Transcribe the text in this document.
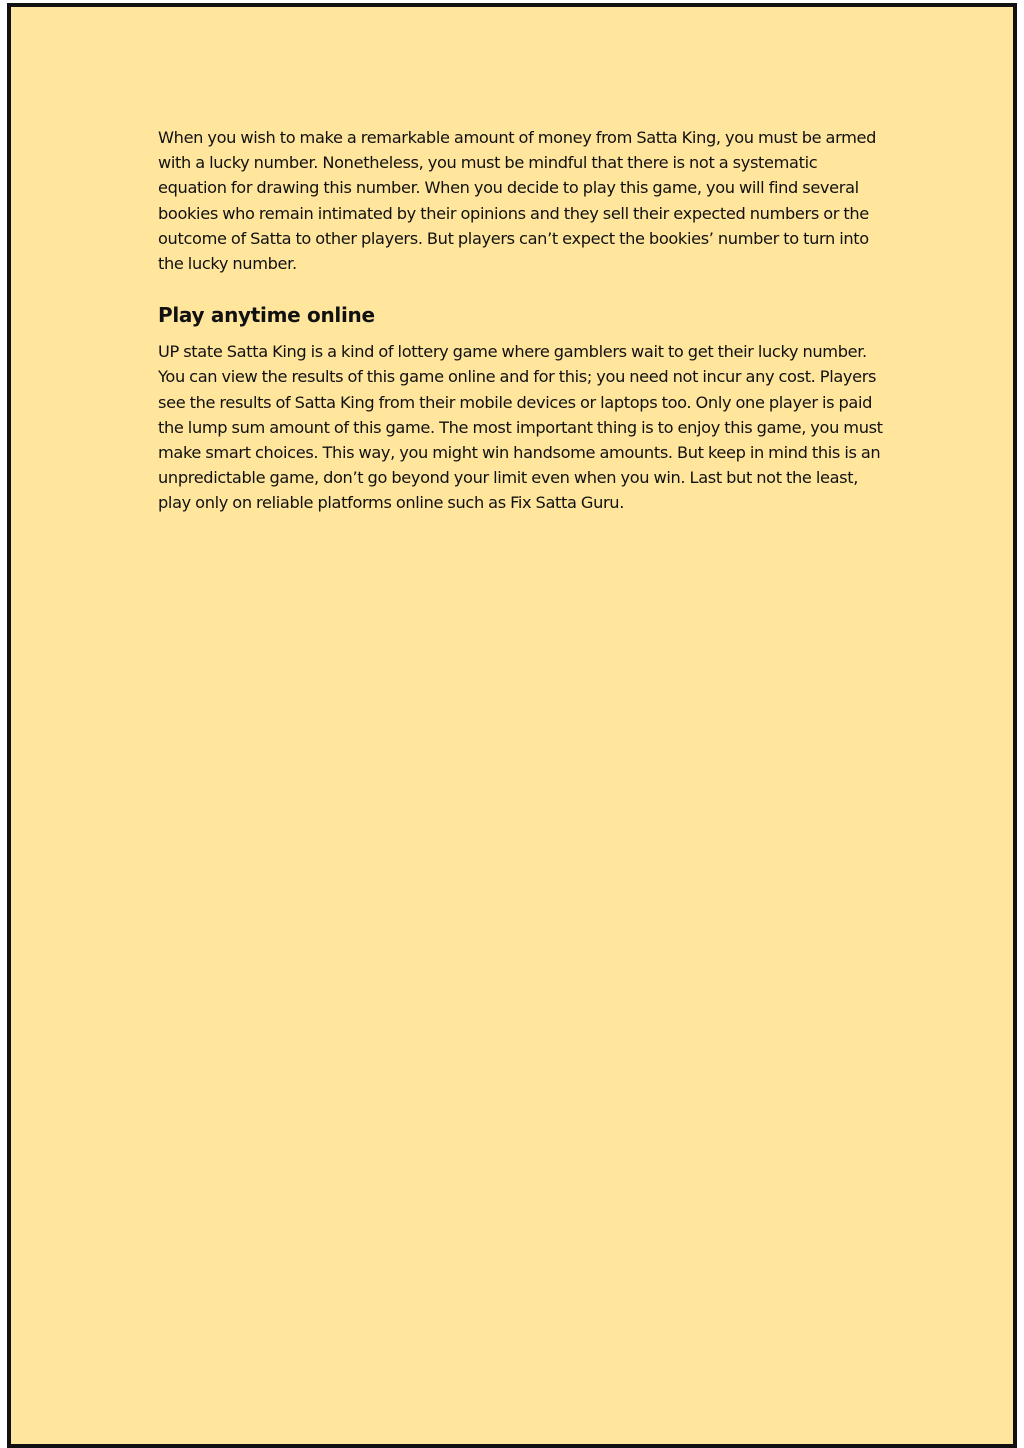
When you wish to make a remarkable amount of money from Satta King, you must be armed with a lucky number. Nonetheless, you must be mindful that there is not a systematic equation for drawing this number. When you decide to play this game, you will find several bookies who remain intimated by their opinions and they sell their expected numbers or the outcome of Satta to other players. But players can’t expect the bookies’ number to turn into the lucky number.

Play anytime online

UP state Satta King is a kind of lottery game where gamblers wait to get their lucky number. You can view the results of this game online and for this; you need not incur any cost. Players see the results of Satta King from their mobile devices or laptops too. Only one player is paid the lump sum amount of this game. The most important thing is to enjoy this game, you must make smart choices. This way, you might win handsome amounts. But keep in mind this is an unpredictable game, don’t go beyond your limit even when you win. Last but not the least, play only on reliable platforms online such as Fix Satta Guru.
